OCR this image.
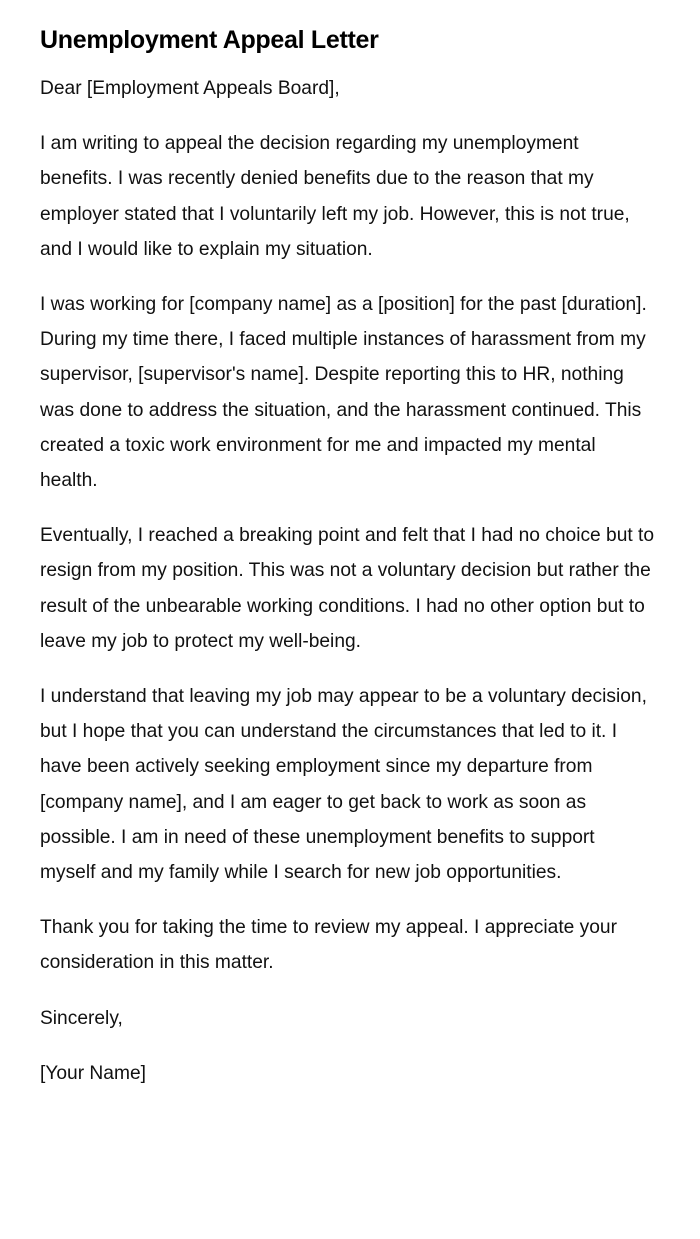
Unemployment Appeal Letter

Dear [Employment Appeals Board],

I am writing to appeal the decision regarding my unemployment benefits. I was recently denied benefits due to the reason that my employer stated that I voluntarily left my job. However, this is not true, and I would like to explain my situation.

I was working for [company name] as a [position] for the past [duration]. During my time there, I faced multiple instances of harassment from my supervisor, [supervisor's name]. Despite reporting this to HR, nothing was done to address the situation, and the harassment continued. This created a toxic work environment for me and impacted my mental health.

Eventually, I reached a breaking point and felt that I had no choice but to resign from my position. This was not a voluntary decision but rather the result of the unbearable working conditions. I had no other option but to leave my job to protect my well-being.

I understand that leaving my job may appear to be a voluntary decision, but I hope that you can understand the circumstances that led to it. I have been actively seeking employment since my departure from [company name], and I am eager to get back to work as soon as possible. I am in need of these unemployment benefits to support myself and my family while I search for new job opportunities.

Thank you for taking the time to review my appeal. I appreciate your consideration in this matter.

Sincerely,

[Your Name]
